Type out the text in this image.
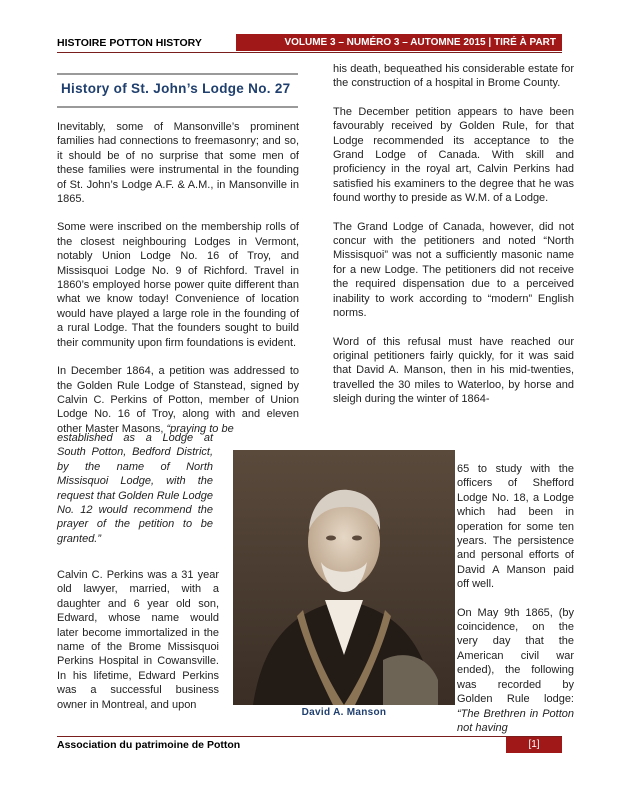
HISTOIRE POTTON HISTORY	VOLUME 3 – NUMÉRO 3 – AUTOMNE 2015 | TIRÉ À PART
History of St. John’s Lodge No. 27

Inevitably, some of Mansonville’s prominent families had connections to freemasonry; and so, it should be of no surprise that some men of these families were instrumental in the founding of St. John’s Lodge A.F. & A.M., in Mansonville in 1865.

Some were inscribed on the membership rolls of the closest neighbouring Lodges in Vermont, notably Union Lodge No. 16 of Troy, and Missisquoi Lodge No. 9 of Richford. Travel in 1860’s employed horse power quite different than what we know today! Convenience of location would have played a large role in the founding of a rural Lodge. That the founders sought to build their community upon firm foundations is evident.

In December 1864, a petition was addressed to the Golden Rule Lodge of Stanstead, signed by Calvin C. Perkins of Potton, member of Union Lodge No. 16 of Troy, along with and eleven other Master Masons, “praying to be

established as a Lodge at South Potton, Bedford District, by the name of North Missisquoi Lodge, with the request that Golden Rule Lodge No. 12 would recommend the prayer of the petition to be granted.”

Calvin C. Perkins was a 31 year old lawyer, married, with a daughter and 6 year old son, Edward, whose name would later become immortalized in the name of the Brome Missisquoi Perkins Hospital in Cowansville. In his lifetime, Edward Perkins was a successful business owner in Montreal, and upon

his death, bequeathed his considerable estate for the construction of a hospital in Brome County.

The December petition appears to have been favourably received by Golden Rule, for that Lodge recommended its acceptance to the Grand Lodge of Canada. With skill and proficiency in the royal art, Calvin Perkins had satisfied his examiners to the degree that he was found worthy to preside as W.M. of a Lodge.

The Grand Lodge of Canada, however, did not concur with the petitioners and noted “North Missisquoi” was not a sufficiently masonic name for a new Lodge. The petitioners did not receive the required dispensation due to a perceived inability to work according to “modern” English norms.

Word of this refusal must have reached our original petitioners fairly quickly, for it was said that David A. Manson, then in his mid-twenties, travelled the 30 miles to Waterloo, by horse and sleigh during the winter of 1864-

65 to study with the officers of Shefford Lodge No. 18, a Lodge which had been in operation for some ten years. The persistence and personal efforts of David A Manson paid off well.

On May 9th 1865, (by coincidence, on the very day that the American civil war ended), the following was recorded by Golden Rule lodge: “The Brethren in Potton not having

David A. Manson
Association du patrimoine de Potton	[1]
